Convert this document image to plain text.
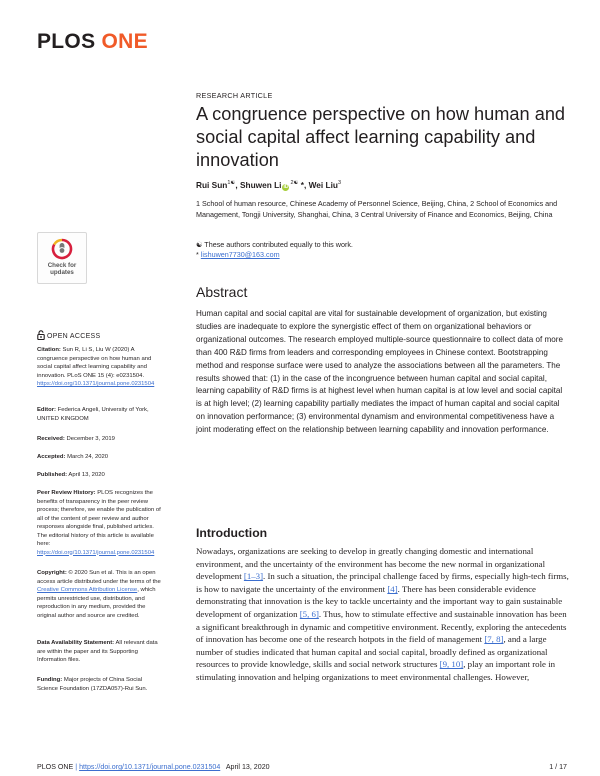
PLOS ONE
RESEARCH ARTICLE
A congruence perspective on how human and social capital affect learning capability and innovation
Rui Sun$^{1☯}$, Shuwen Li $iD^{2☯}$ *, Wei Liu$^3$
1 School of human resource, Chinese Academy of Personnel Science, Beijing, China, 2 School of Economics and Management, Tongji University, Shanghai, China, 3 Central University of Finance and Economics, Beijing, China
☯ These authors contributed equally to this work.
* lishuwen7730@163.com
Abstract
Human capital and social capital are vital for sustainable development of organization, but existing studies are inadequate to explore the synergistic effect of them on organizational behaviors or organizational outcomes. The research employed multiple-source questionnaire to collect data of more than 400 R&D firms from leaders and corresponding employees in Chinese context. Bootstrapping method and response surface were used to analyze the associations between all the parameters. The results showed that: (1) in the case of the incongruence between human capital and social capital, learning capability of R&D firms is at highest level when human capital is at low level and social capital is at high level; (2) learning capability partially mediates the impact of human capital and social capital on innovation performance; (3) environmental dynamism and environmental competitiveness have a joint moderating effect on the relationship between learning capability and innovation performance.
Introduction
Nowadays, organizations are seeking to develop in greatly changing domestic and international environment, and the uncertainty of the environment has become the new normal in organizational development [1–3]. In such a situation, the principal challenge faced by firms, especially high-tech firms, is how to navigate the uncertainty of the environment [4]. There has been considerable evidence demonstrating that innovation is the key to tackle uncertainty and the important way to gain sustainable development of organization [5, 6]. Thus, how to stimulate effective and sustainable innovation has been a significant breakthrough in dynamic and competitive environment. Recently, exploring the antecedents of innovation has become one of the research hotpots in the field of management [7, 8], and a large number of studies indicated that human capital and social capital, broadly defined as organizational resources to provide knowledge, skills and social network structures [9, 10], play an important role in stimulating innovation and helping organizations to meet environmental challenges. However,
Check for
updates
OPEN ACCESS
Citation: Sun R, Li S, Liu W (2020) A congruence perspective on how human and social capital affect learning capability and innovation. PLoS ONE 15 (4): e0231504. https://doi.org/10.1371/journal.pone.0231504
Editor: Federica Angeli, University of York, UNITED KINGDOM
Received: December 3, 2019
Accepted: March 24, 2020
Published: April 13, 2020
Peer Review History: PLOS recognizes the benefits of transparency in the peer review process; therefore, we enable the publication of all of the content of peer review and author responses alongside final, published articles. The editorial history of this article is available here: https://doi.org/10.1371/journal.pone.0231504
Copyright: © 2020 Sun et al. This is an open access article distributed under the terms of the Creative Commons Attribution License, which permits unrestricted use, distribution, and reproduction in any medium, provided the original author and source are credited.
Data Availability Statement: All relevant data are within the paper and its Supporting Information files.
Funding: Major projects of China Social Science Foundation (17ZDA057)-Rui Sun.
PLOS ONE | https://doi.org/10.1371/journal.pone.0231504 April 13, 2020	1 / 17
